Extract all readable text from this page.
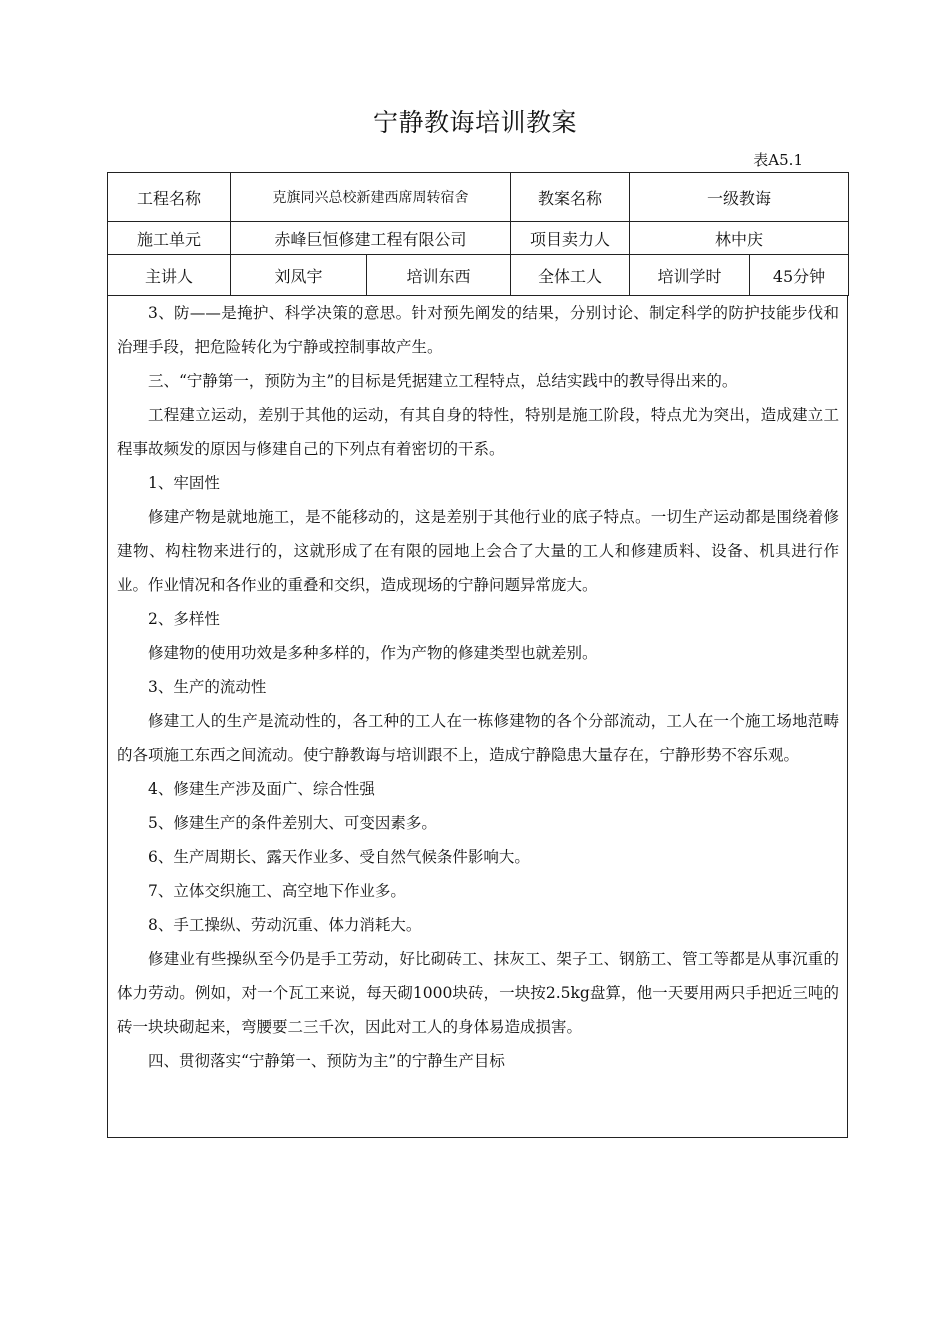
宁静教诲培训教案
表A5.1
工程名称	克旗同兴总校新建西席周转宿舍		教案名称	一级教诲	
施工单元	赤峰巨恒修建工程有限公司		项目卖力人	林中庆	
主讲人	刘凤宇	培训东西	全体工人	培训学时	45分钟

3、防——是掩护、科学决策的意思。针对预先阐发的结果，分别讨论、制定科学的防护技能步伐和治理手段，把危险转化为宁静或控制事故产生。

三、“宁静第一，预防为主”的目标是凭据建立工程特点，总结实践中的教导得出来的。

工程建立运动，差别于其他的运动，有其自身的特性，特别是施工阶段，特点尤为突出，造成建立工程事故频发的原因与修建自己的下列点有着密切的干系。

1、牢固性

修建产物是就地施工，是不能移动的，这是差别于其他行业的底子特点。一切生产运动都是围绕着修建物、构柱物来进行的，这就形成了在有限的园地上会合了大量的工人和修建质料、设备、机具进行作业。作业情况和各作业的重叠和交织，造成现场的宁静问题异常庞大。

2、多样性

修建物的使用功效是多种多样的，作为产物的修建类型也就差别。

3、生产的流动性

修建工人的生产是流动性的，各工种的工人在一栋修建物的各个分部流动，工人在一个施工场地范畴的各项施工东西之间流动。使宁静教诲与培训跟不上，造成宁静隐患大量存在，宁静形势不容乐观。

4、修建生产涉及面广、综合性强

5、修建生产的条件差别大、可变因素多。

6、生产周期长、露天作业多、受自然气候条件影响大。

7、立体交织施工、高空地下作业多。

8、手工操纵、劳动沉重、体力消耗大。

修建业有些操纵至今仍是手工劳动，好比砌砖工、抹灰工、架子工、钢筋工、管工等都是从事沉重的体力劳动。例如，对一个瓦工来说，每天砌1000块砖，一块按2.5kg盘算，他一天要用两只手把近三吨的砖一块块砌起来，弯腰要二三千次，因此对工人的身体易造成损害。

四、贯彻落实“宁静第一、预防为主”的宁静生产目标
